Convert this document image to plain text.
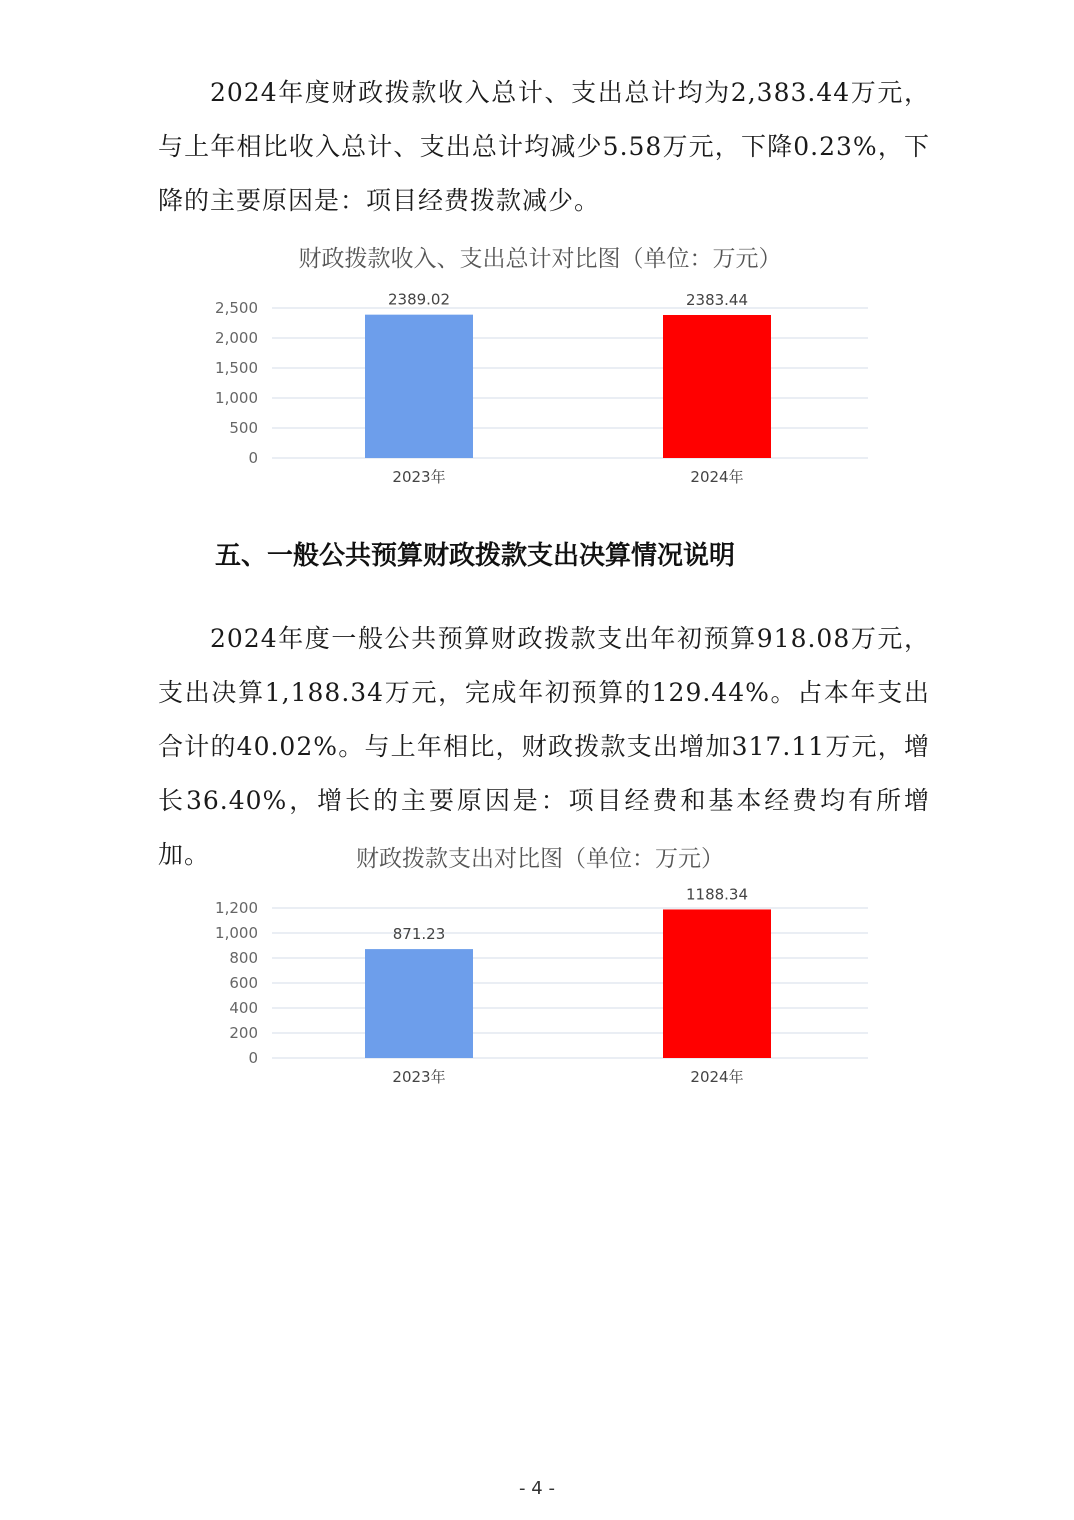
2024年度财政拨款收入总计、支出总计均为2,383.44万元，与上年相比收入总计、支出总计均减少5.58万元，下降0.23%，下降的主要原因是：项目经费拨款减少。

财政拨款收入、支出总计对比图（单位：万元）
0
500
1,000
1,500
2,000
2,500	2389.02
2023年
2383.44
2024年
五、一般公共预算财政拨款支出决算情况说明

2024年度一般公共预算财政拨款支出年初预算918.08万元，支出决算1,188.34万元，完成年初预算的129.44%。占本年支出合计的40.02%。与上年相比，财政拨款支出增加317.11万元，增长36.40%，增长的主要原因是：项目经费和基本经费均有所增加。	财政拨款支出对比图（单位：万元）
0
200
400
600
800
1,000
1,200
871.23
2023年
1188.34
2024年
- 4 -
